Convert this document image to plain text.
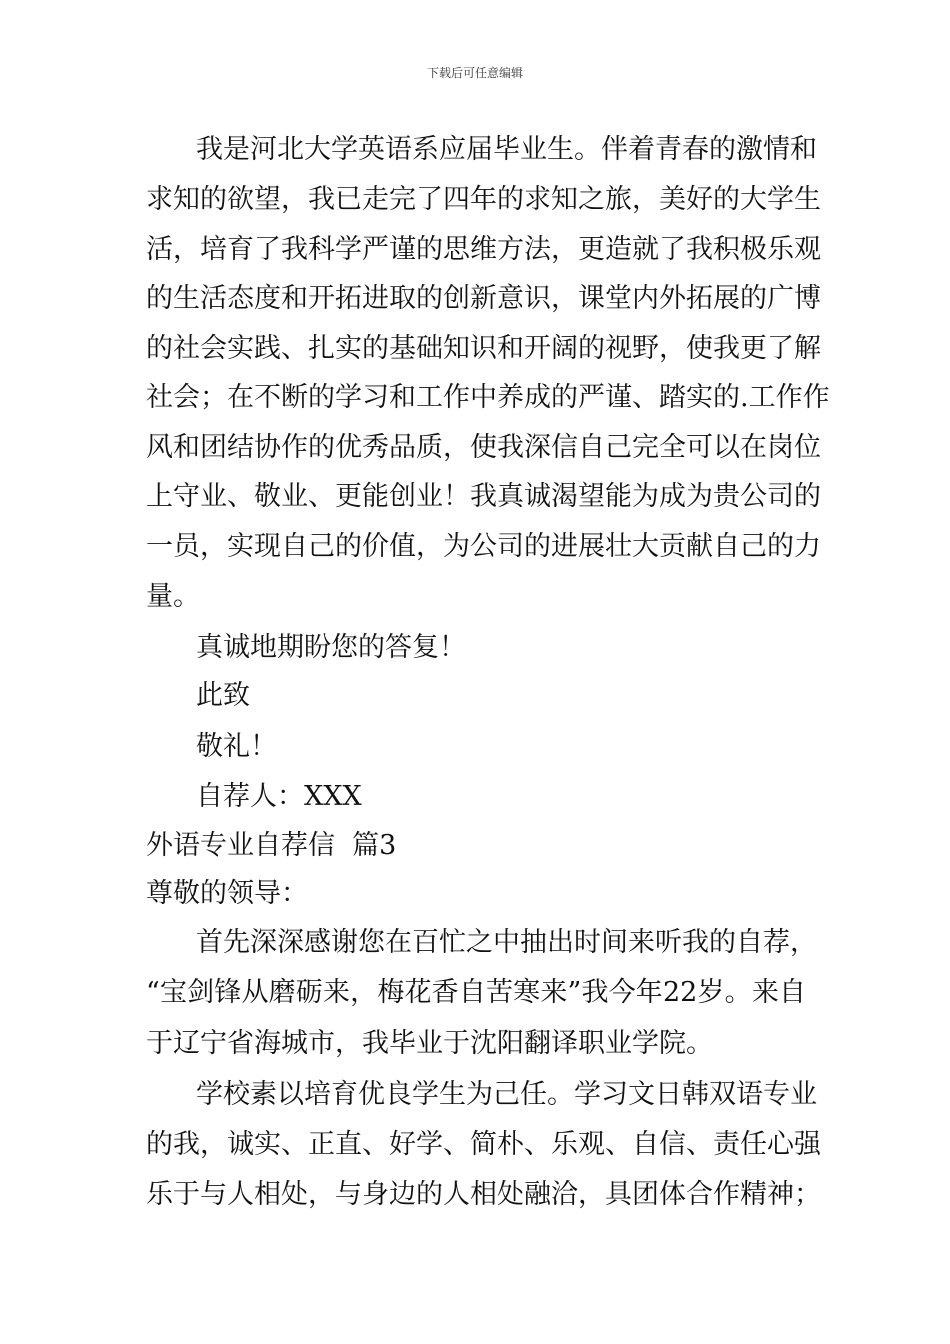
下载后可任意编辑
我是河北大学英语系应届毕业生。伴着青春的激情和
求知的欲望，我已走完了四年的求知之旅，美好的大学生
活，培育了我科学严谨的思维方法，更造就了我积极乐观
的生活态度和开拓进取的创新意识，课堂内外拓展的广博
的社会实践、扎实的基础知识和开阔的视野，使我更了解
社会；在不断的学习和工作中养成的严谨、踏实的.工作作
风和团结协作的优秀品质，使我深信自己完全可以在岗位
上守业、敬业、更能创业！我真诚渴望能为成为贵公司的
一员，实现自己的价值，为公司的进展壮大贡献自己的力
量。
真诚地期盼您的答复！
此致
敬礼！
自荐人：XXX
外语专业自荐信  篇3
尊敬的领导：
首先深深感谢您在百忙之中抽出时间来听我的自荐，
“宝剑锋从磨砺来，梅花香自苦寒来”我今年22岁。来自
于辽宁省海城市，我毕业于沈阳翻译职业学院。
学校素以培育优良学生为己任。学习文日韩双语专业
的我，诚实、正直、好学、简朴、乐观、自信、责任心强
乐于与人相处，与身边的人相处融洽，具团体合作精神；
